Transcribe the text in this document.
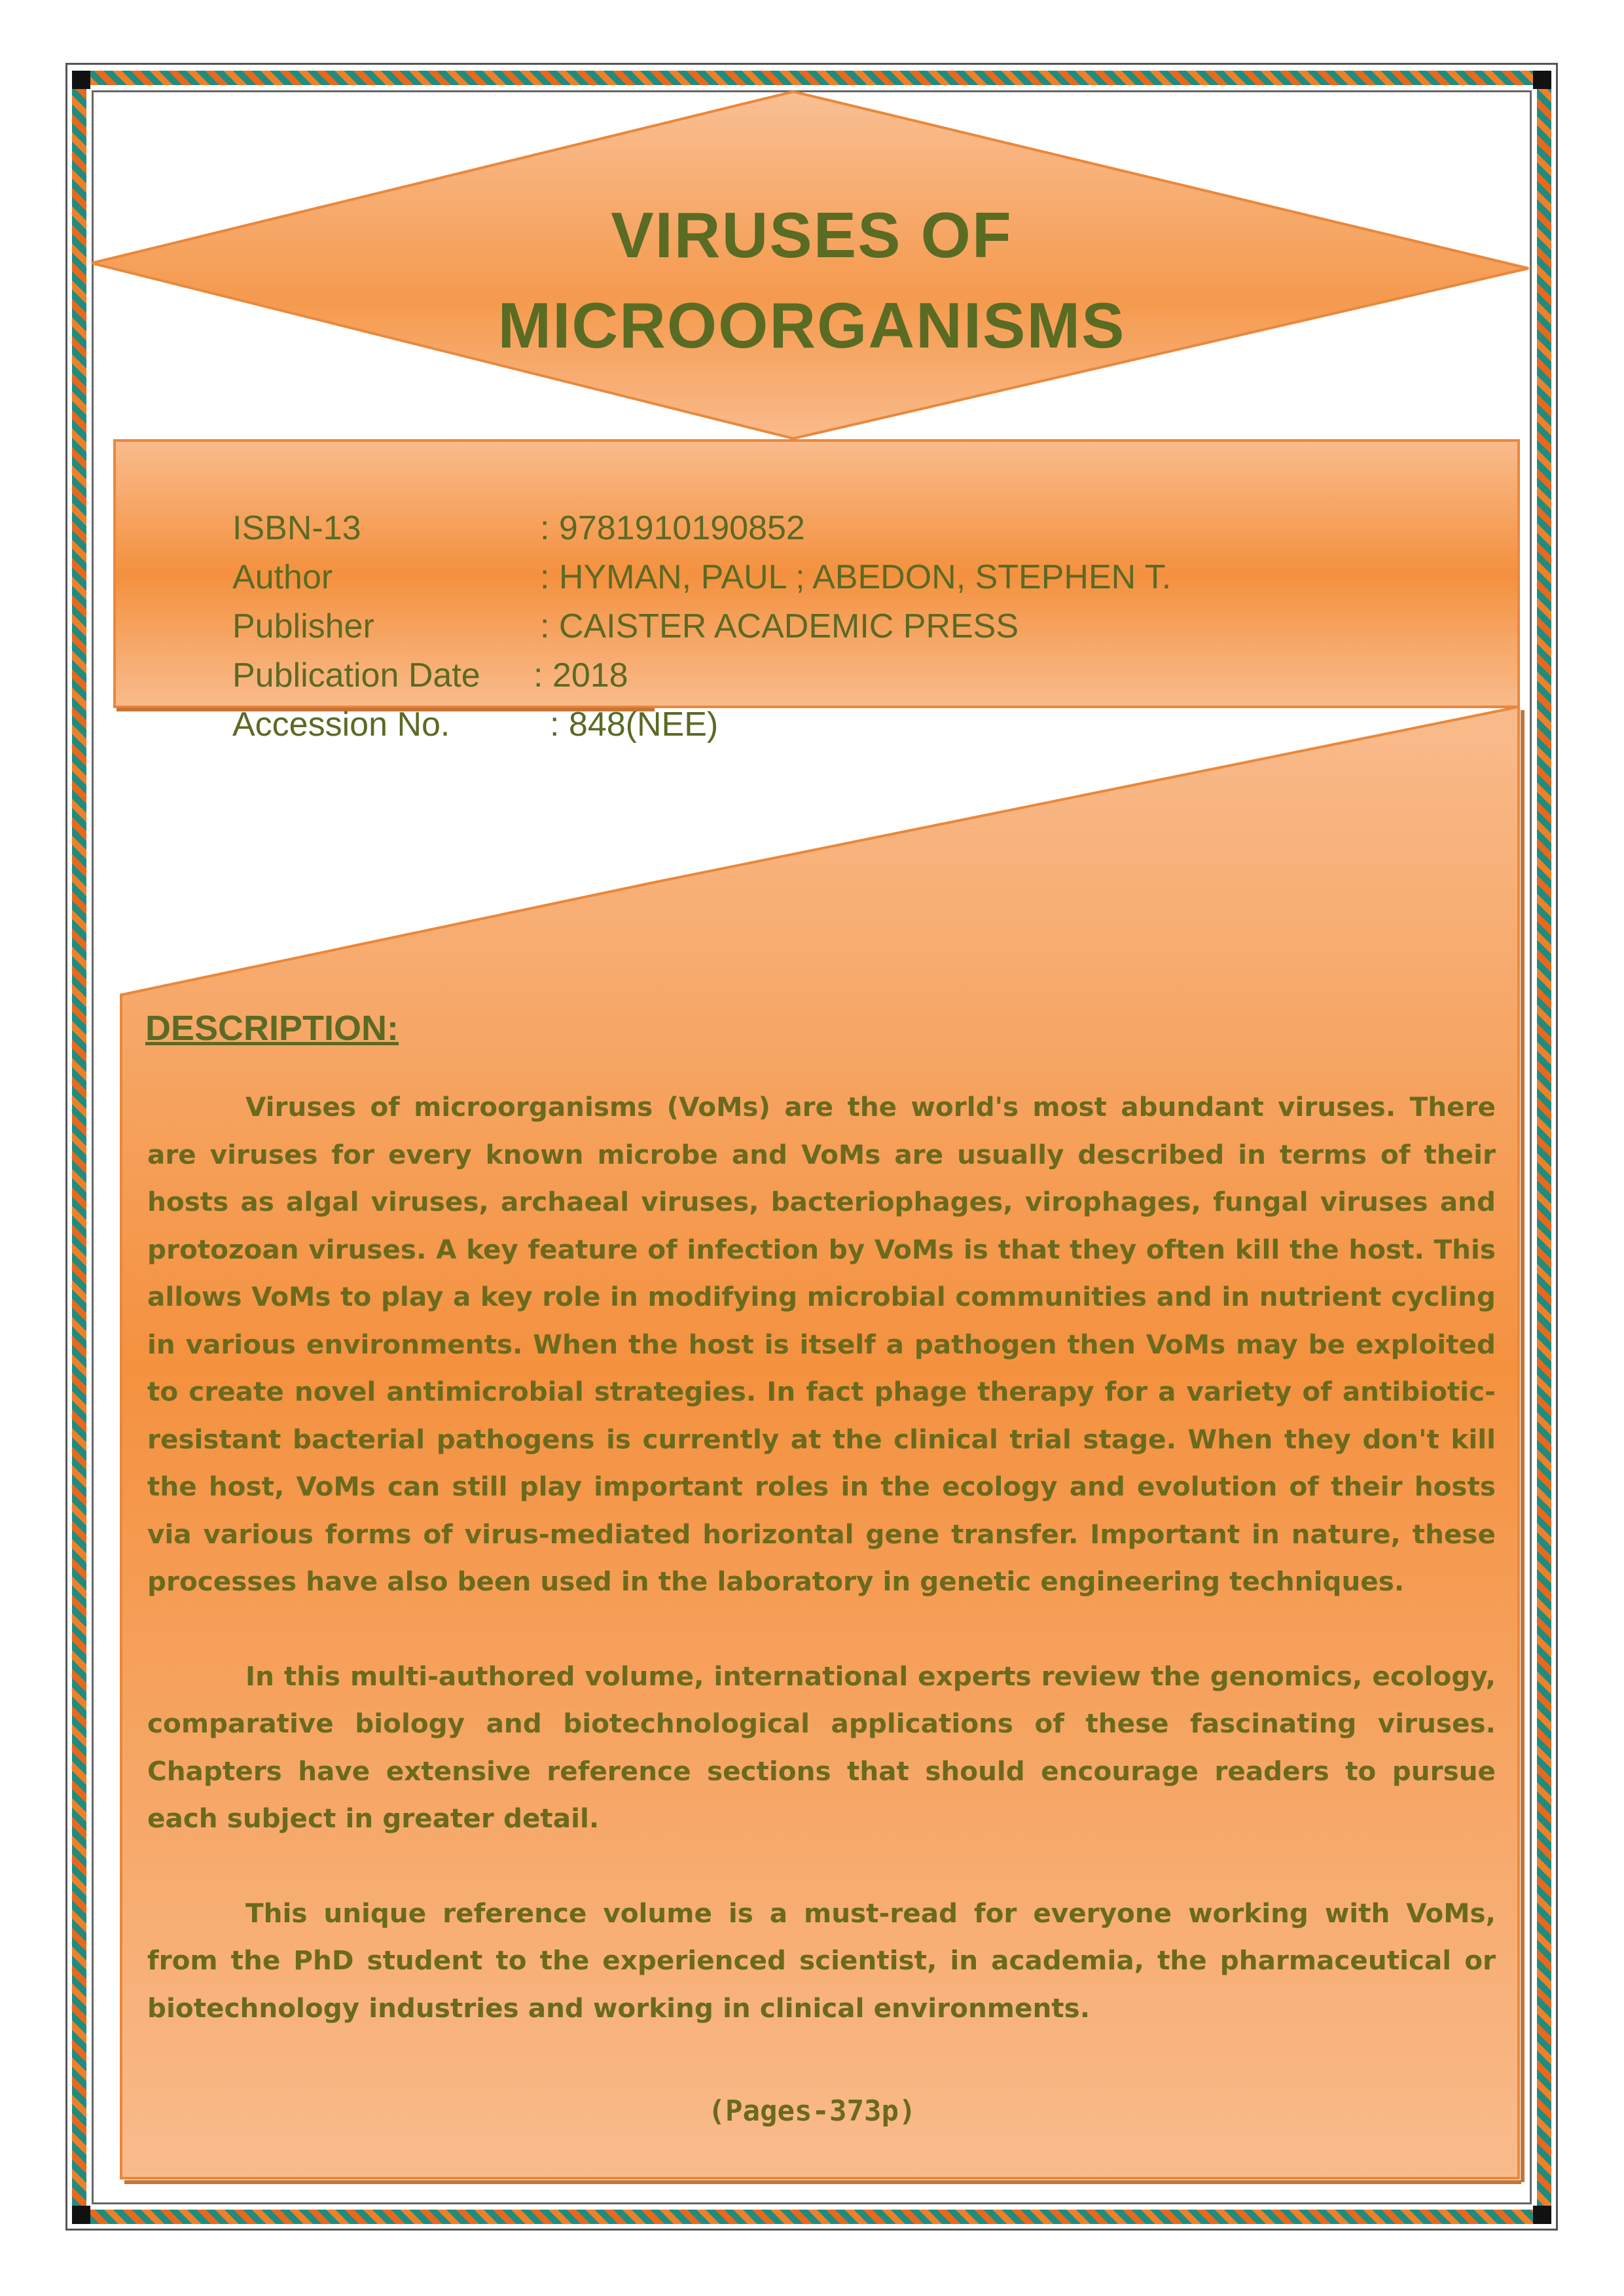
VIRUSES OF
MICROORGANISMS
ISBN-13	: 9781910190852
Author	: HYMAN, PAUL ; ABEDON, STEPHEN T.
Publisher	: CAISTER ACADEMIC PRESS
Publication Date	: 2018
Accession No.	: 848(NEE)
DESCRIPTION:

Viruses of microorganisms (VoMs) are the world's most abundant viruses. There are viruses for every known microbe and VoMs are usually described in terms of their hosts as algal viruses, archaeal viruses, bacteriophages, virophages, fungal viruses and protozoan viruses. A key feature of infection by VoMs is that they often kill the host. This allows VoMs to play a key role in modifying microbial communities and in nutrient cycling in various environments. When the host is itself a pathogen then VoMs may be exploited to create novel antimicrobial strategies. In fact phage therapy for a variety of antibiotic-resistant bacterial pathogens is currently at the clinical trial stage. When they don't kill the host, VoMs can still play important roles in the ecology and evolution of their hosts via various forms of virus-mediated horizontal gene transfer. Important in nature, these processes have also been used in the laboratory in genetic engineering techniques.

In this multi-authored volume, international experts review the genomics, ecology, comparative biology and biotechnological applications of these fascinating viruses. Chapters have extensive reference sections that should encourage readers to pursue each subject in greater detail.

This unique reference volume is a must-read for everyone working with VoMs, from the PhD student to the experienced scientist, in academia, the pharmaceutical or biotechnology industries and working in clinical environments.

(Pages-373p)
